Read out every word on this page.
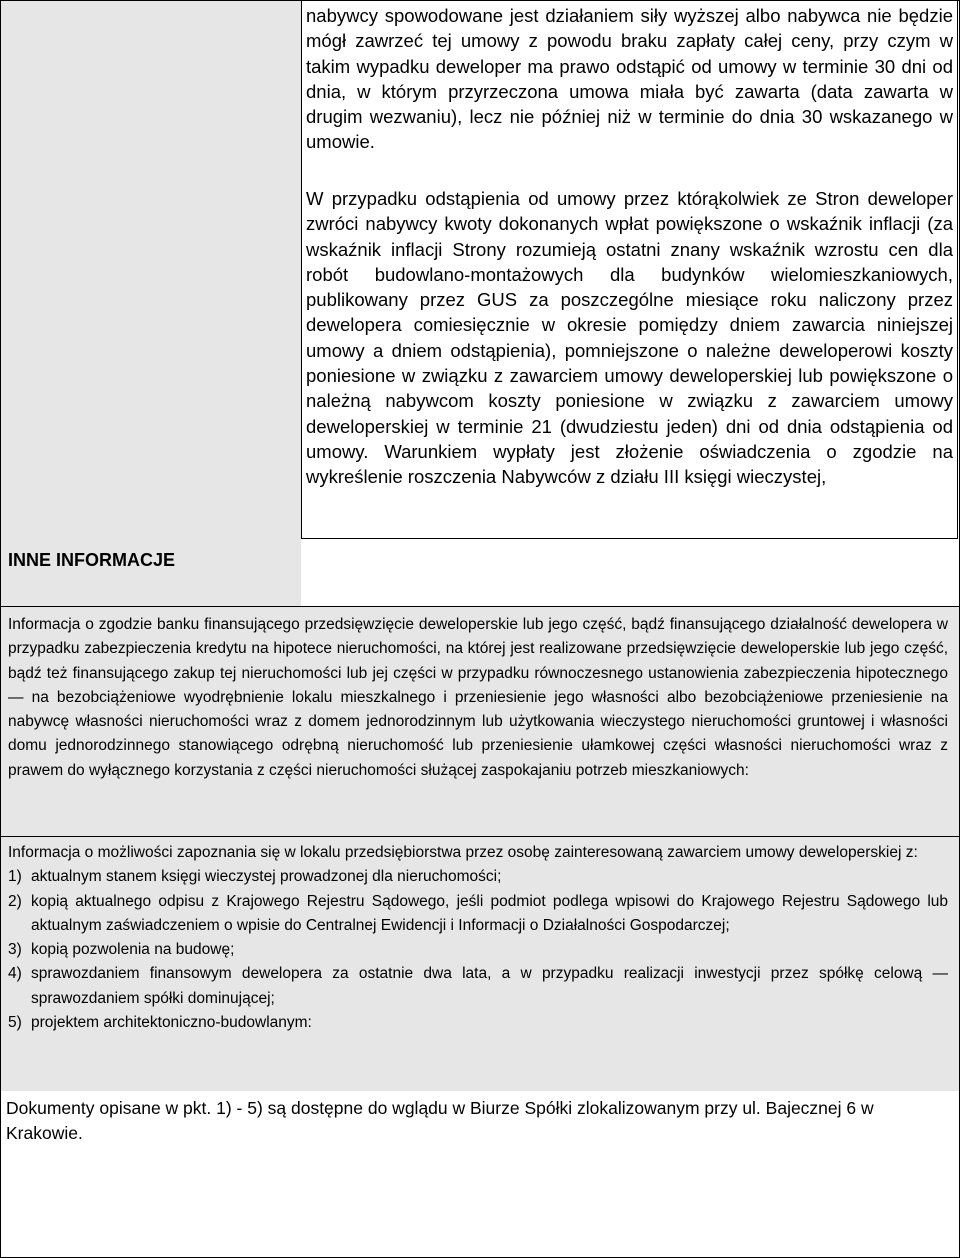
INNE INFORMACJE
nabywcy spowodowane jest działaniem siły wyższej albo nabywca nie będzie mógł zawrzeć tej umowy z powodu braku zapłaty całej ceny, przy czym w takim wypadku deweloper ma prawo odstąpić od umowy w terminie 30 dni od dnia, w którym przyrzeczona umowa miała być zawarta (data zawarta w drugim wezwaniu), lecz nie później niż w terminie do dnia 30 wskazanego w umowie.
W przypadku odstąpienia od umowy przez którąkolwiek ze Stron deweloper zwróci nabywcy kwoty dokonanych wpłat powiększone o wskaźnik inflacji (za wskaźnik inflacji Strony rozumieją ostatni znany wskaźnik wzrostu cen dla robót budowlano-montażowych dla budynków wielomieszkaniowych, publikowany przez GUS za poszczególne miesiące roku naliczony przez dewelopera comiesięcznie w okresie pomiędzy dniem zawarcia niniejszej umowy a dniem odstąpienia), pomniejszone o należne deweloperowi koszty poniesione w związku z zawarciem umowy deweloperskiej lub powiększone o należną nabywcom koszty poniesione w związku z zawarciem umowy deweloperskiej w terminie 21 (dwudziestu jeden) dni od dnia odstąpienia od umowy. Warunkiem wypłaty jest złożenie oświadczenia o zgodzie na wykreślenie roszczenia Nabywców z działu III księgi wieczystej,
Informacja o zgodzie banku finansującego przedsięwzięcie deweloperskie lub jego część, bądź finansującego działalność dewelopera w przypadku zabezpieczenia kredytu na hipotece nieruchomości, na której jest realizowane przedsięwzięcie deweloperskie lub jego część, bądź też finansującego zakup tej nieruchomości lub jej części w przypadku równoczesnego ustanowienia zabezpieczenia hipotecznego — na bezobciążeniowe wyodrębnienie lokalu mieszkalnego i przeniesienie jego własności albo bezobciążeniowe przeniesienie na nabywcę własności nieruchomości wraz z domem jednorodzinnym lub użytkowania wieczystego nieruchomości gruntowej i własności domu jednorodzinnego stanowiącego odrębną nieruchomość lub przeniesienie ułamkowej części własności nieruchomości wraz z prawem do wyłącznego korzystania z części nieruchomości służącej zaspokajaniu potrzeb mieszkaniowych:
Informacja o możliwości zapoznania się w lokalu przedsiębiorstwa przez osobę zainteresowaną zawarciem umowy deweloperskiej z:
1) aktualnym stanem księgi wieczystej prowadzonej dla nieruchomości;
2) kopią aktualnego odpisu z Krajowego Rejestru Sądowego, jeśli podmiot podlega wpisowi do Krajowego Rejestru Sądowego lub aktualnym zaświadczeniem o wpisie do Centralnej Ewidencji i Informacji o Działalności Gospodarczej;
3) kopią pozwolenia na budowę;
4) sprawozdaniem finansowym dewelopera za ostatnie dwa lata, a w przypadku realizacji inwestycji przez spółkę celową — sprawozdaniem spółki dominującej;
5) projektem architektoniczno-budowlanym:
Dokumenty opisane w pkt. 1) - 5) są dostępne do wglądu w Biurze Spółki zlokalizowanym przy ul. Bajecznej 6 w Krakowie.
